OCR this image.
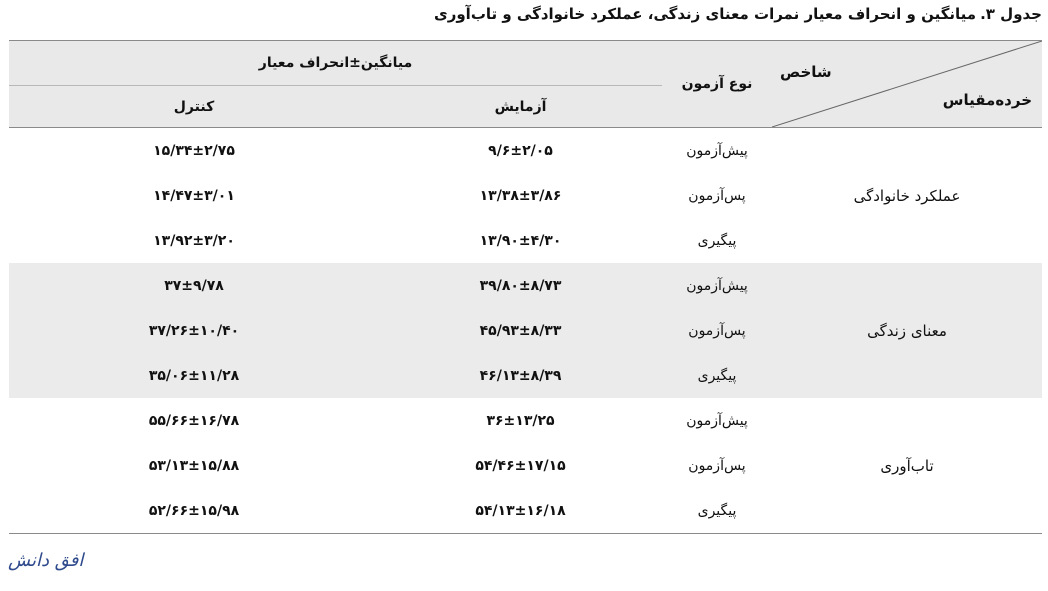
جدول ۳.میانگین و انحراف معیار نمرات معنای زندگی، عملکرد خانوادگی و تاب‌آوری
شاخص
خرده‌مقیاس	نوع آزمون	میانگین±انحراف معیار	
		آزمایش	کنترل
عملکرد خانوادگی	پیش‌آزمون	۹/۶±۲/۰۵	۱۵/۳۴±۲/۷۵
	پس‌آزمون	۱۳/۳۸±۳/۸۶	۱۴/۴۷±۳/۰۱
	پیگیری	۱۳/۹۰±۴/۳۰	۱۳/۹۲±۳/۲۰
معنای زندگی	پیش‌آزمون	۳۹/۸۰±۸/۷۳	۳۷±۹/۷۸
	پس‌آزمون	۴۵/۹۳±۸/۳۳	۳۷/۲۶±۱۰/۴۰
	پیگیری	۴۶/۱۳±۸/۳۹	۳۵/۰۶±۱۱/۲۸
تاب‌آوری	پیش‌آزمون	۳۶±۱۳/۲۵	۵۵/۶۶±۱۶/۷۸
	پس‌آزمون	۵۴/۴۶±۱۷/۱۵	۵۳/۱۳±۱۵/۸۸
	پیگیری	۵۴/۱۳±۱۶/۱۸	۵۲/۶۶±۱۵/۹۸
افق دانش
